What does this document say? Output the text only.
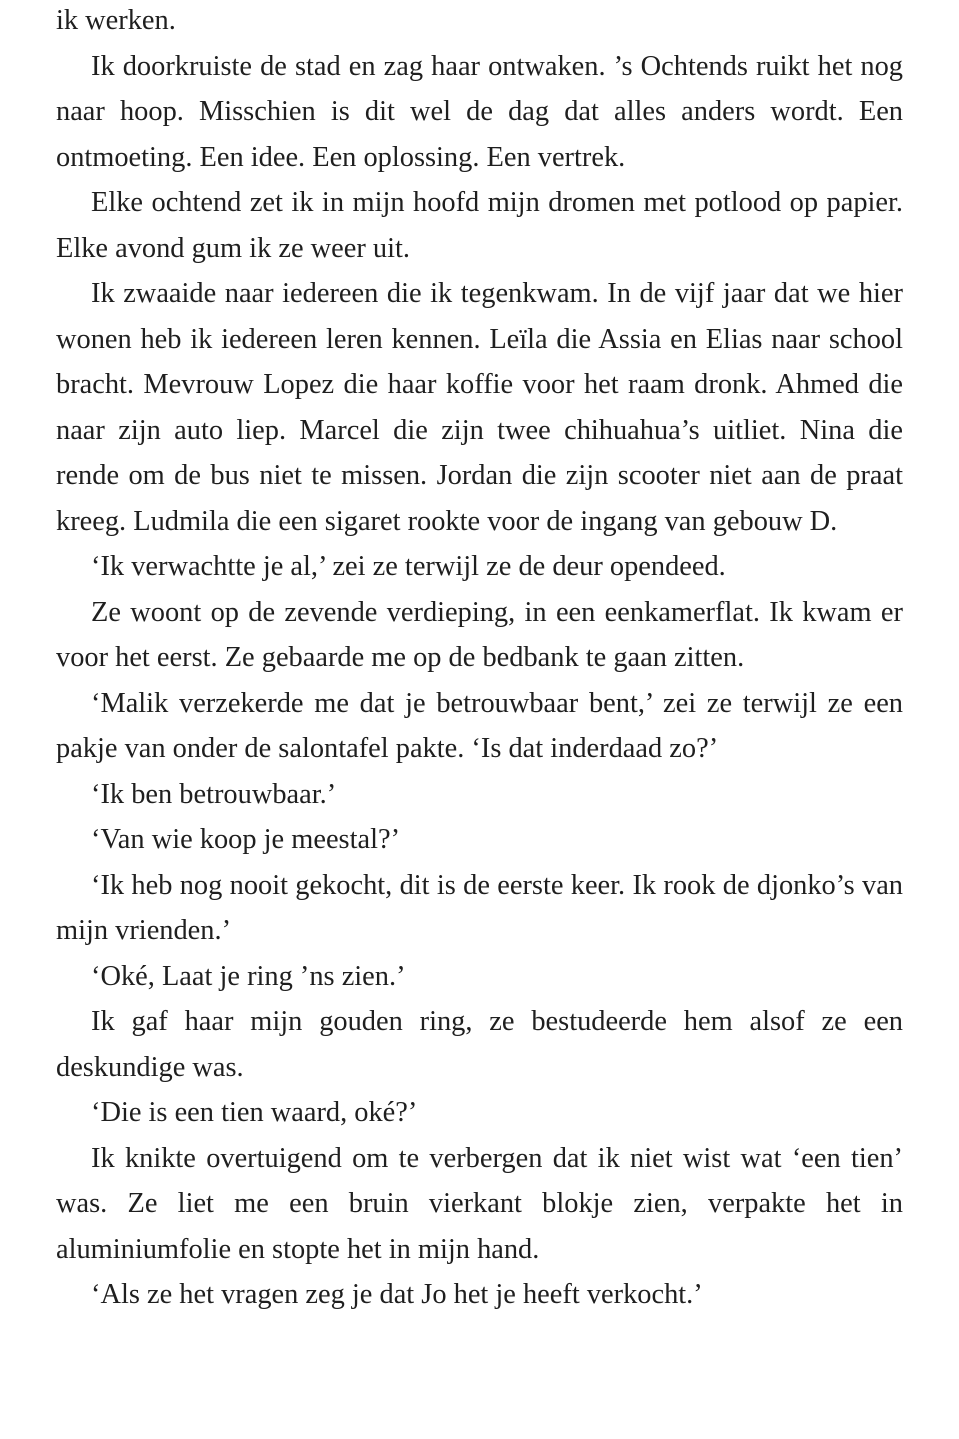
ik werken.

Ik doorkruiste de stad en zag haar ontwaken. ’s Ochtends ruikt het nog naar hoop. Misschien is dit wel de dag dat alles anders wordt. Een ontmoeting. Een idee. Een oplossing. Een vertrek.

Elke ochtend zet ik in mijn hoofd mijn dromen met potlood op papier. Elke avond gum ik ze weer uit.

Ik zwaaide naar iedereen die ik tegenkwam. In de vijf jaar dat we hier wonen heb ik iedereen leren kennen. Leïla die Assia en Elias naar school bracht. Mevrouw Lopez die haar koffie voor het raam dronk. Ahmed die naar zijn auto liep. Marcel die zijn twee chihuahua’s uitliet. Nina die rende om de bus niet te missen. Jordan die zijn scooter niet aan de praat kreeg. Ludmila die een sigaret rookte voor de ingang van gebouw D.

‘Ik verwachtte je al,’ zei ze terwijl ze de deur opendeed.

Ze woont op de zevende verdieping, in een eenkamerflat. Ik kwam er voor het eerst. Ze gebaarde me op de bedbank te gaan zitten.

‘Malik verzekerde me dat je betrouwbaar bent,’ zei ze terwijl ze een pakje van onder de salontafel pakte. ‘Is dat inderdaad zo?’

‘Ik ben betrouwbaar.’

‘Van wie koop je meestal?’

‘Ik heb nog nooit gekocht, dit is de eerste keer. Ik rook de djonko’s van mijn vrienden.’

‘Oké, Laat je ring ’ns zien.’

Ik gaf haar mijn gouden ring, ze bestudeerde hem alsof ze een deskundige was.

‘Die is een tien waard, oké?’

Ik knikte overtuigend om te verbergen dat ik niet wist wat ‘een tien’ was. Ze liet me een bruin vierkant blokje zien, verpakte het in aluminiumfolie en stopte het in mijn hand.

‘Als ze het vragen zeg je dat Jo het je heeft verkocht.’
